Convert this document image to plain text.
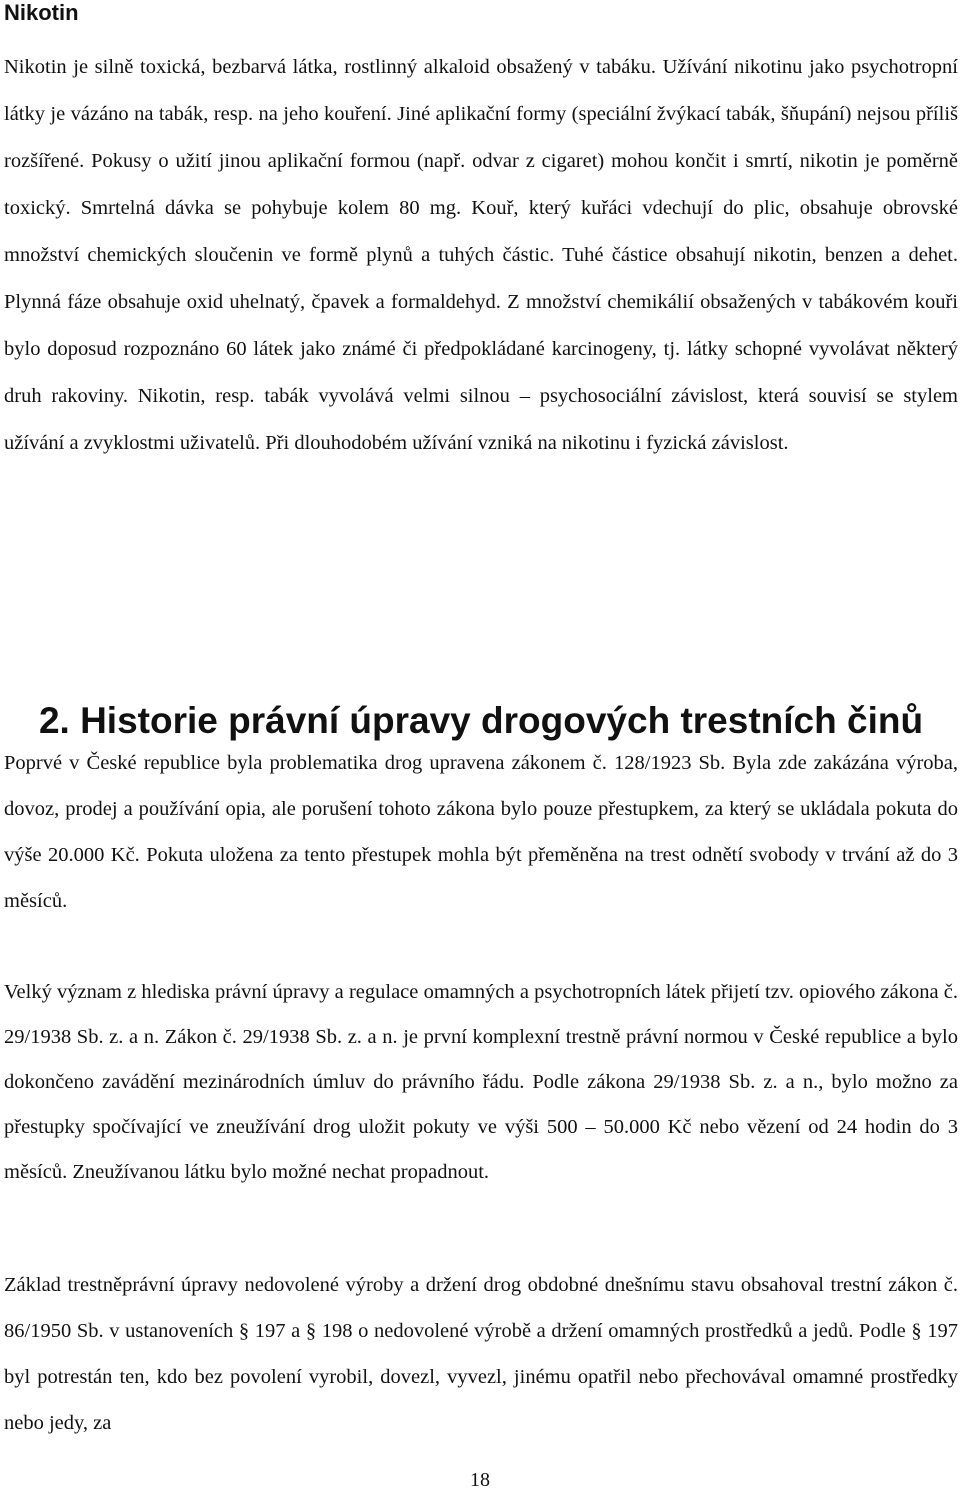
Nikotin

Nikotin je silně toxická, bezbarvá látka, rostlinný alkaloid obsažený v tabáku. Užívání nikotinu jako psychotropní látky je vázáno na tabák, resp. na jeho kouření. Jiné aplikační formy (speciální žvýkací tabák, šňupání) nejsou příliš rozšířené. Pokusy o užití jinou aplikační formou (např. odvar z cigaret) mohou končit i smrtí, nikotin je poměrně toxický. Smrtelná dávka se pohybuje kolem 80 mg. Kouř, který kuřáci vdechují do plic, obsahuje obrovské množství chemických sloučenin ve formě plynů a tuhých částic. Tuhé částice obsahují nikotin, benzen a dehet. Plynná fáze obsahuje oxid uhelnatý, čpavek a formaldehyd. Z množství chemikálií obsažených v tabákovém kouři bylo doposud rozpoznáno 60 látek jako známé či předpokládané karcinogeny, tj. látky schopné vyvolávat některý druh rakoviny. Nikotin, resp. tabák vyvolává velmi silnou – psychosociální závislost, která souvisí se stylem užívání a zvyklostmi uživatelů. Při dlouhodobém užívání vzniká na nikotinu i fyzická závislost.

2. Historie právní úpravy drogových trestních činů

Poprvé v České republice byla problematika drog upravena zákonem č. 128/1923 Sb. Byla zde zakázána výroba, dovoz, prodej a používání opia, ale porušení tohoto zákona bylo pouze přestupkem, za který se ukládala pokuta do výše 20.000 Kč. Pokuta uložena za tento přestupek mohla být přeměněna na trest odnětí svobody v trvání až do 3 měsíců.

Velký význam z hlediska právní úpravy a regulace omamných a psychotropních látek přijetí tzv. opiového zákona č. 29/1938 Sb. z. a n. Zákon č. 29/1938 Sb. z. a n. je první komplexní trestně právní normou v České republice a bylo dokončeno zavádění mezinárodních úmluv do právního řádu. Podle zákona 29/1938 Sb. z. a n., bylo možno za přestupky spočívající ve zneužívání drog uložit pokuty ve výši 500 – 50.000 Kč nebo vězení od 24 hodin do 3 měsíců. Zneužívanou látku bylo možné nechat propadnout.

Základ trestněprávní úpravy nedovolené výroby a držení drog obdobné dnešnímu stavu obsahoval trestní zákon č. 86/1950 Sb. v ustanoveních § 197 a § 198 o nedovolené výrobě a držení omamných prostředků a jedů. Podle § 197 byl potrestán ten, kdo bez povolení vyrobil, dovezl, vyvezl, jinému opatřil nebo přechovával omamné prostředky nebo jedy, za

18
